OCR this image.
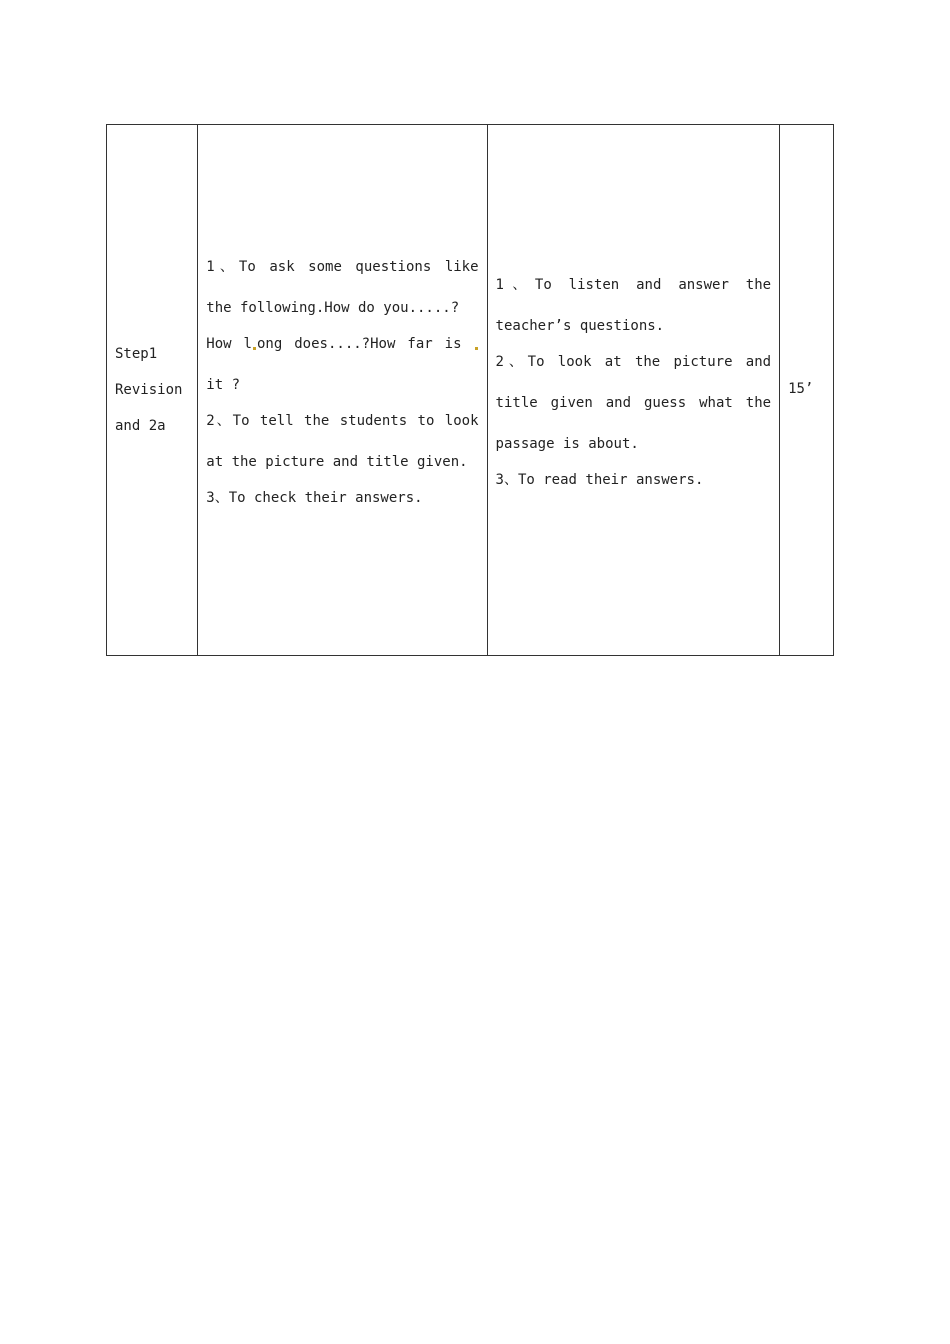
Step1
Revision
and 2a

1、To ask some questions like
the following.How do you.....?
How l ong does....?How far is
it ?
2、To tell the students to look
at the picture and title given.
3、To check their answers.

1、To listen and answer the
teacher’s questions.
2、To look at the picture and
title given and guess what the
passage is about.
3、To read their answers.

15’
